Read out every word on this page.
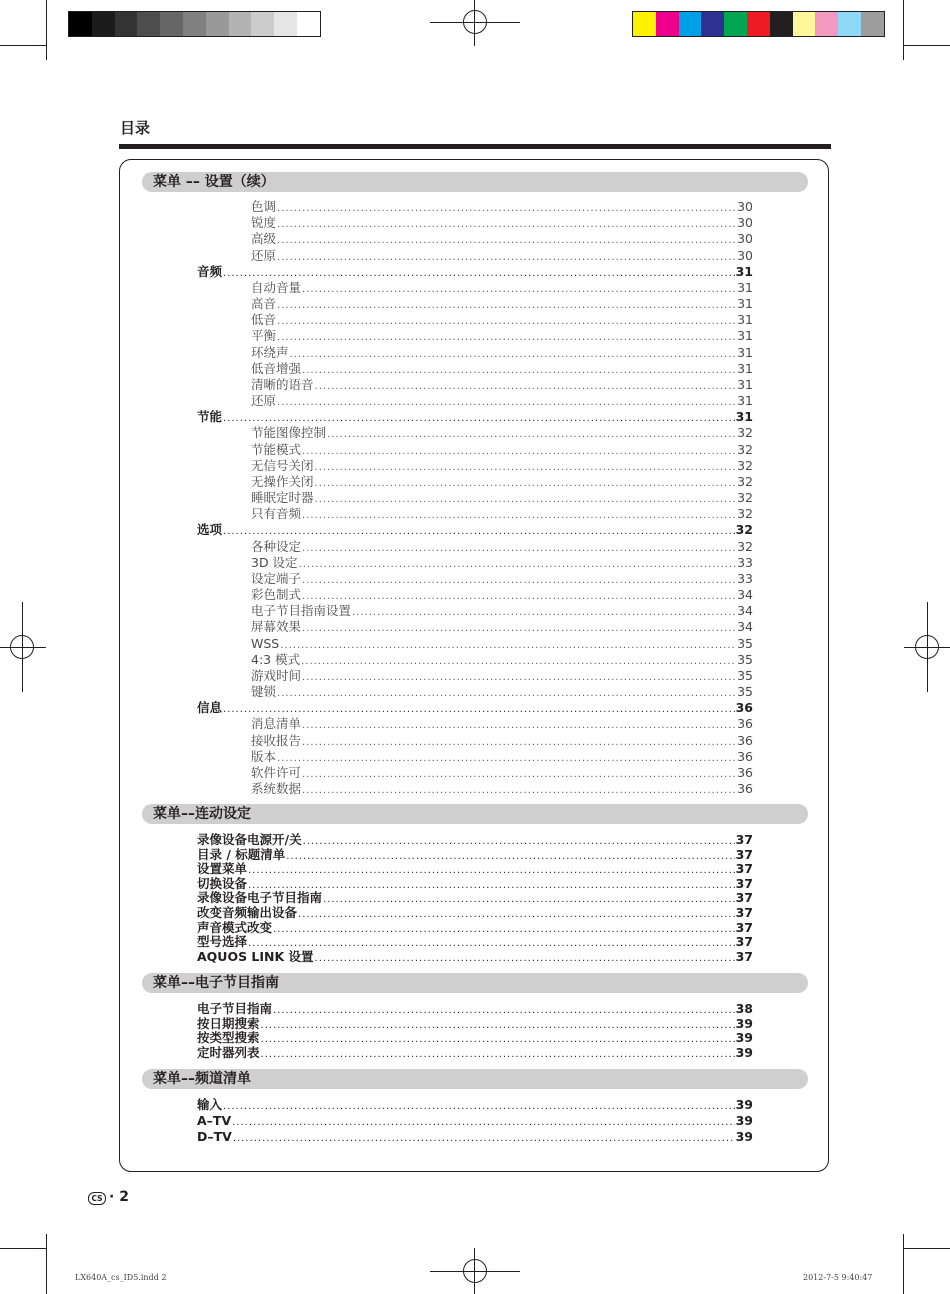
目录
菜单 –– 设置（续）
色调 .....	30
锐度 .....	30
高级 .....	30
还原 .....	30
音频 .....	31
自动音量 .....	31
高音 .....	31
低音 .....	31
平衡 .....	31
环绕声 .....	31
低音增强 .....	31
清晰的语音 .....	31
还原 .....	31
节能 .....	31
节能图像控制 .....	32
节能模式 .....	32
无信号关闭 .....	32
无操作关闭 .....	32
睡眠定时器 .....	32
只有音频 .....	32
选项 .....	32
各种设定 .....	32
3D 设定 .....	33
设定端子 .....	33
彩色制式 .....	34
电子节目指南设置 .....	34
屏幕效果 .....	34
WSS .....	35
4:3 模式 .....	35
游戏时间 .....	35
键锁 .....	35
信息 .....	36
消息清单 .....	36
接收报告 .....	36
版本 .....	36
软件许可 .....	36
系统数据 .....	36
菜单––连动设定
录像设备电源开/关 .....	37
目录 / 标题清单 .....	37
设置菜单 .....	37
切换设备 .....	37
录像设备电子节目指南 .....	37
改变音频输出设备 .....	37
声音模式改变 .....	37
型号选择 .....	37
AQUOS LINK 设置 .....	37
菜单––电子节目指南
电子节目指南 .....	38
按日期搜索 .....	39
按类型搜索 .....	39
定时器列表 .....	39
菜单––频道清单
输入 .....	39
A–TV .....	39
D–TV .....	39
CS · 2
LX640A_cs_ID5.indd 2	2012-7-5 9:40:47
